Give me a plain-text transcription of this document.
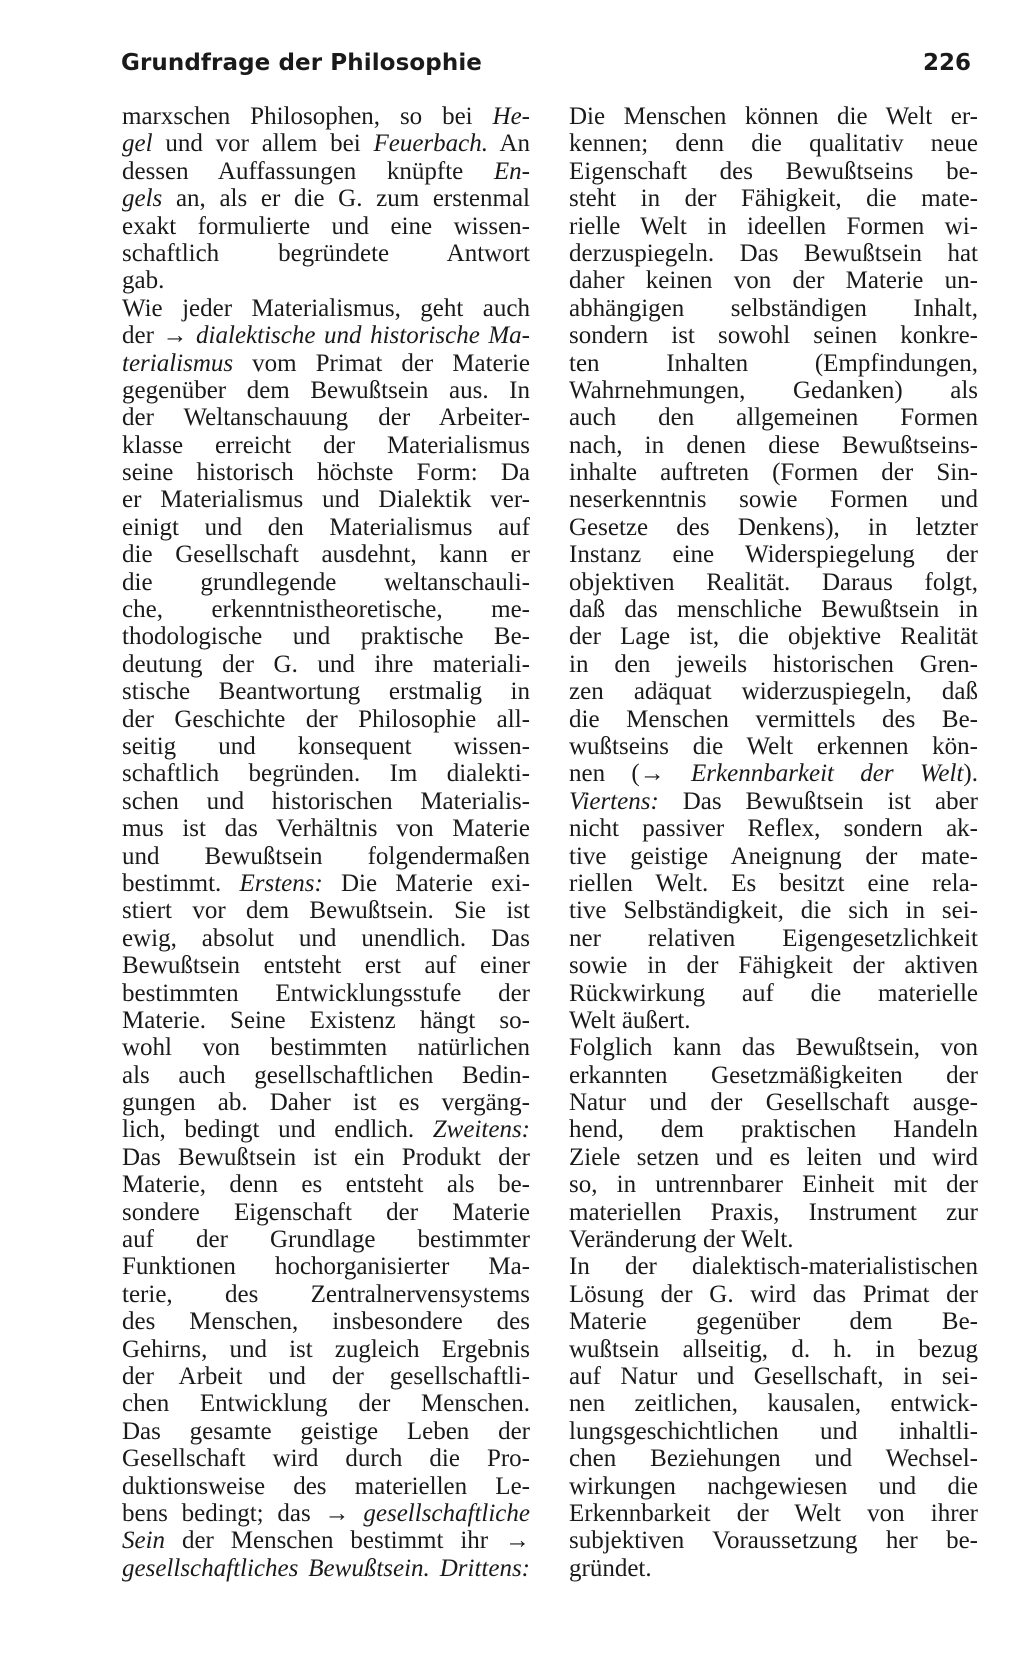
Grundfrage der Philosophie	226
marxschen Philosophen, so bei He-
gel und vor allem bei Feuerbach. An
dessen Auffassungen knüpfte En-
gels an, als er die G. zum erstenmal
exakt formulierte und eine wissen-
schaftlich begründete Antwort
gab.
Wie jeder Materialismus, geht auch
der → dialektische und historische Ma-
terialismus vom Primat der Materie
gegenüber dem Bewußtsein aus. In
der Weltanschauung der Arbeiter-
klasse erreicht der Materialismus
seine historisch höchste Form: Da
er Materialismus und Dialektik ver-
einigt und den Materialismus auf
die Gesellschaft ausdehnt, kann er
die grundlegende weltanschauli-
che, erkenntnistheoretische, me-
thodologische und praktische Be-
deutung der G. und ihre materiali-
stische Beantwortung erstmalig in
der Geschichte der Philosophie all-
seitig und konsequent wissen-
schaftlich begründen. Im dialekti-
schen und historischen Materialis-
mus ist das Verhältnis von Materie
und Bewußtsein folgendermaßen
bestimmt. Erstens: Die Materie exi-
stiert vor dem Bewußtsein. Sie ist
ewig, absolut und unendlich. Das
Bewußtsein entsteht erst auf einer
bestimmten Entwicklungsstufe der
Materie. Seine Existenz hängt so-
wohl von bestimmten natürlichen
als auch gesellschaftlichen Bedin-
gungen ab. Daher ist es vergäng-
lich, bedingt und endlich. Zweitens:
Das Bewußtsein ist ein Produkt der
Materie, denn es entsteht als be-
sondere Eigenschaft der Materie
auf der Grundlage bestimmter
Funktionen hochorganisierter Ma-
terie, des Zentralnervensystems
des Menschen, insbesondere des
Gehirns, und ist zugleich Ergebnis
der Arbeit und der gesellschaftli-
chen Entwicklung der Menschen.
Das gesamte geistige Leben der
Gesellschaft wird durch die Pro-
duktionsweise des materiellen Le-
bens bedingt; das → gesellschaftliche
Sein der Menschen bestimmt ihr →
gesellschaftliches Bewußtsein. Drittens:
Die Menschen können die Welt er-
kennen; denn die qualitativ neue
Eigenschaft des Bewußtseins be-
steht in der Fähigkeit, die mate-
rielle Welt in ideellen Formen wi-
derzuspiegeln. Das Bewußtsein hat
daher keinen von der Materie un-
abhängigen selbständigen Inhalt,
sondern ist sowohl seinen konkre-
ten Inhalten (Empfindungen,
Wahrnehmungen, Gedanken) als
auch den allgemeinen Formen
nach, in denen diese Bewußtseins-
inhalte auftreten (Formen der Sin-
neserkenntnis sowie Formen und
Gesetze des Denkens), in letzter
Instanz eine Widerspiegelung der
objektiven Realität. Daraus folgt,
daß das menschliche Bewußtsein in
der Lage ist, die objektive Realität
in den jeweils historischen Gren-
zen adäquat widerzuspiegeln, daß
die Menschen vermittels des Be-
wußtseins die Welt erkennen kön-
nen (→ Erkennbarkeit der Welt).
Viertens: Das Bewußtsein ist aber
nicht passiver Reflex, sondern ak-
tive geistige Aneignung der mate-
riellen Welt. Es besitzt eine rela-
tive Selbständigkeit, die sich in sei-
ner relativen Eigengesetzlichkeit
sowie in der Fähigkeit der aktiven
Rückwirkung auf die materielle
Welt äußert.
Folglich kann das Bewußtsein, von
erkannten Gesetzmäßigkeiten der
Natur und der Gesellschaft ausge-
hend, dem praktischen Handeln
Ziele setzen und es leiten und wird
so, in untrennbarer Einheit mit der
materiellen Praxis, Instrument zur
Veränderung der Welt.
In der dialektisch-materialistischen
Lösung der G. wird das Primat der
Materie gegenüber dem Be-
wußtsein allseitig, d. h. in bezug
auf Natur und Gesellschaft, in sei-
nen zeitlichen, kausalen, entwick-
lungsgeschichtlichen und inhaltli-
chen Beziehungen und Wechsel-
wirkungen nachgewiesen und die
Erkennbarkeit der Welt von ihrer
subjektiven Voraussetzung her be-
gründet.
